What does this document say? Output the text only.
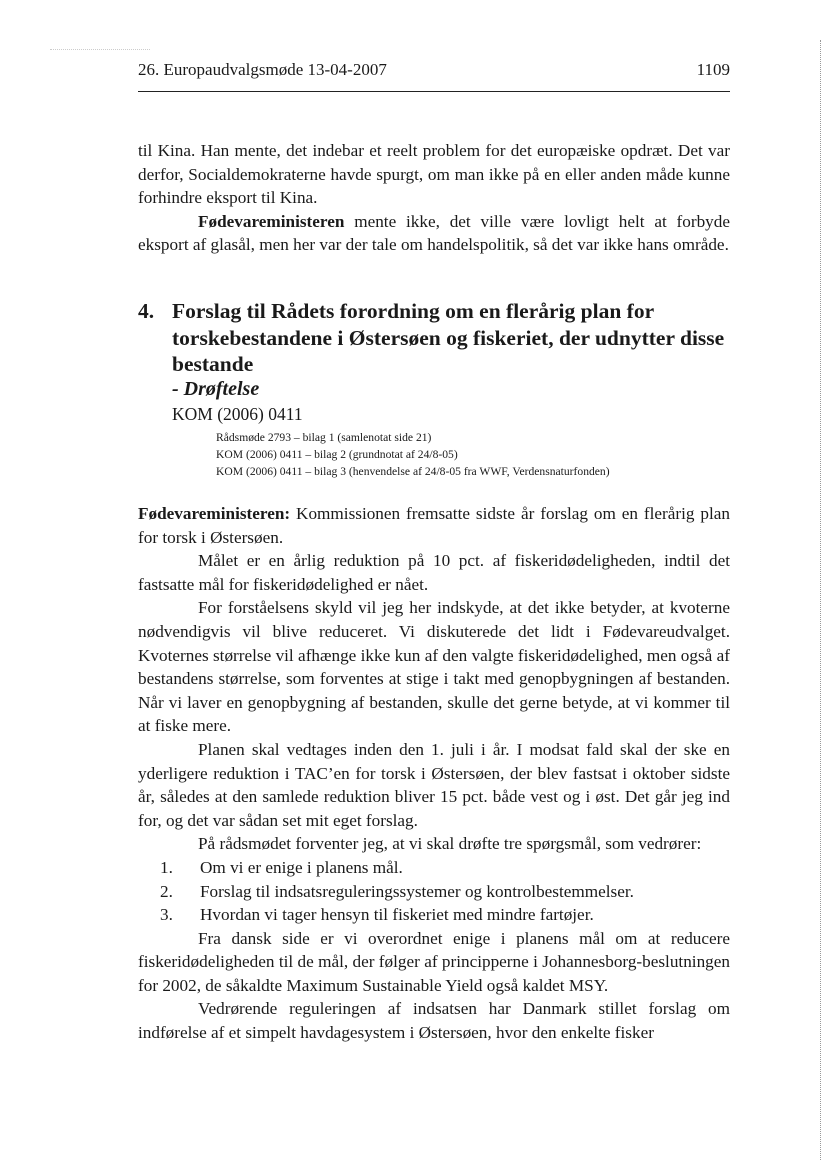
26. Europaudvalgsmøde 13-04-2007	1109

til Kina. Han mente, det indebar et reelt problem for det europæiske opdræt. Det var derfor, Socialdemokraterne havde spurgt, om man ikke på en eller anden måde kunne forhindre eksport til Kina.

Fødevareministeren mente ikke, det ville være lovligt helt at forbyde eksport af glasål, men her var der tale om handelspolitik, så det var ikke hans område.

4. Forslag til Rådets forordning om en flerårig plan for torskebestandene i Østersøen og fiskeriet, der udnytter disse bestande
- Drøftelse
KOM (2006) 0411
Rådsmøde 2793 – bilag 1 (samlenotat side 21)
KOM (2006) 0411 – bilag 2 (grundnotat af 24/8-05)
KOM (2006) 0411 – bilag 3 (henvendelse af 24/8-05 fra WWF, Verdensnaturfonden)

Fødevareministeren: Kommissionen fremsatte sidste år forslag om en flerårig plan for torsk i Østersøen.

Målet er en årlig reduktion på 10 pct. af fiskeridødeligheden, indtil det fastsatte mål for fiskeridødelighed er nået.

For forståelsens skyld vil jeg her indskyde, at det ikke betyder, at kvoterne nødvendigvis vil blive reduceret. Vi diskuterede det lidt i Fødevareudvalget. Kvoternes størrelse vil afhænge ikke kun af den valgte fiskeridødelighed, men også af bestandens størrelse, som forventes at stige i takt med genopbygningen af bestanden. Når vi laver en genopbygning af bestanden, skulle det gerne betyde, at vi kommer til at fiske mere.

Planen skal vedtages inden den 1. juli i år. I modsat fald skal der ske en yderligere reduktion i TAC’en for torsk i Østersøen, der blev fastsat i oktober sidste år, således at den samlede reduktion bliver 15 pct. både vest og i øst. Det går jeg ind for, og det var sådan set mit eget forslag.

På rådsmødet forventer jeg, at vi skal drøfte tre spørgsmål, som vedrører:

1.	Om vi er enige i planens mål.
2.	Forslag til indsatsreguleringssystemer og kontrolbestemmelser.
3.	Hvordan vi tager hensyn til fiskeriet med mindre fartøjer.

Fra dansk side er vi overordnet enige i planens mål om at reducere fiskeridødeligheden til de mål, der følger af principperne i Johannesborg-beslutningen for 2002, de såkaldte Maximum Sustainable Yield også kaldet MSY.

Vedrørende reguleringen af indsatsen har Danmark stillet forslag om indførelse af et simpelt havdagesystem i Østersøen, hvor den enkelte fisker
